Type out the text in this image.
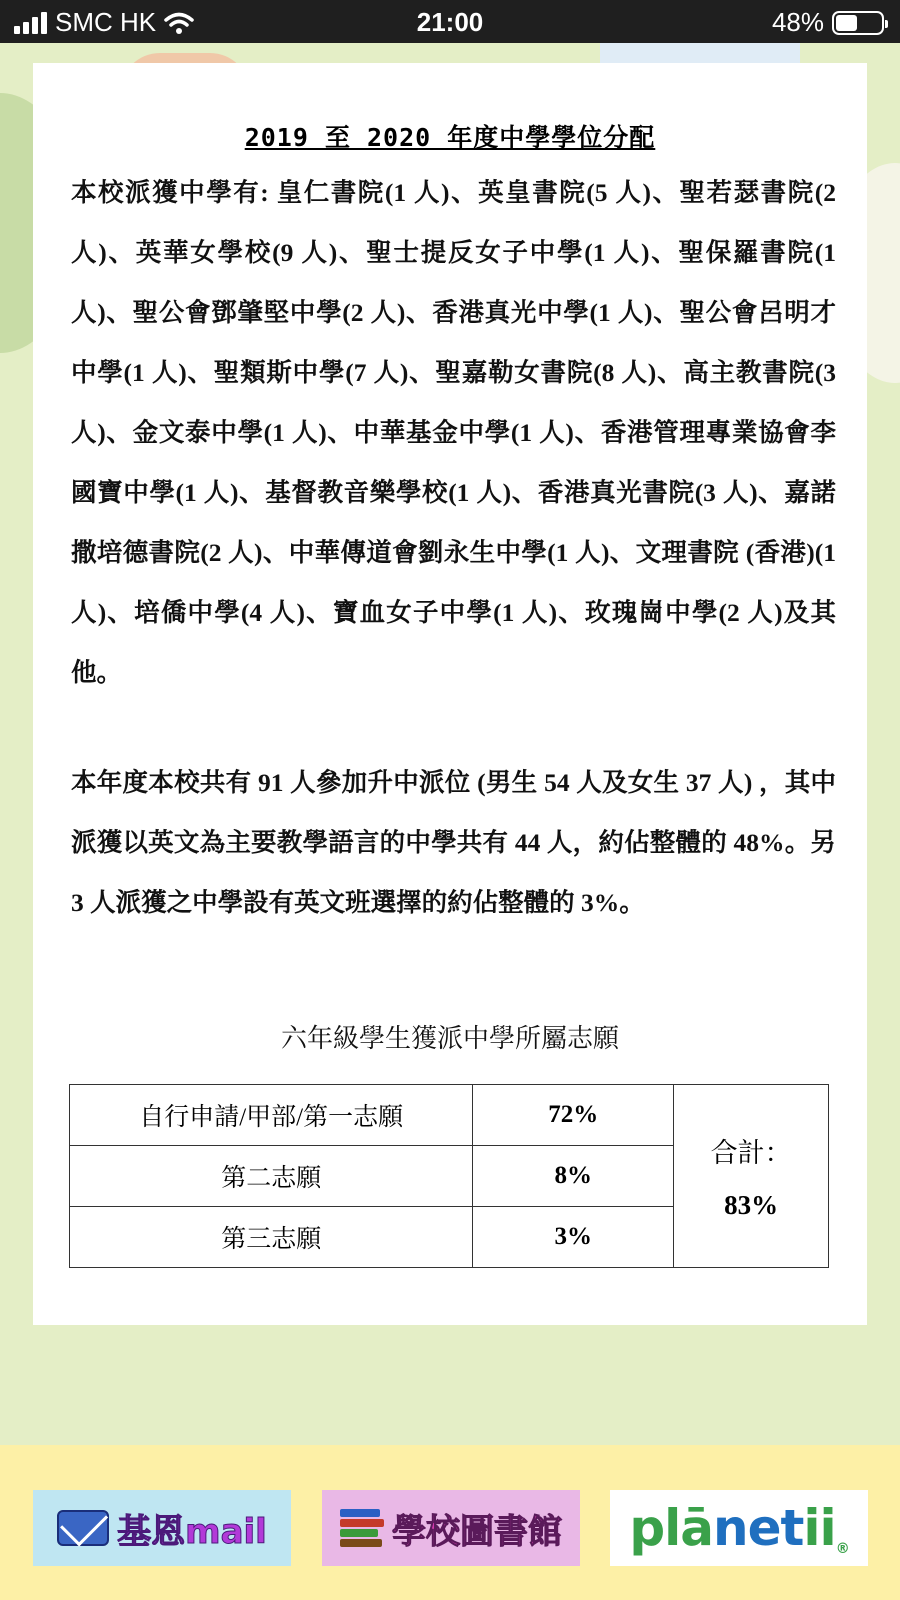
SMC HK	21:00	48%
2019 至 2020 年度中學學位分配

本校派獲中學有: 皇仁書院(1 人)、英皇書院(5 人)、聖若瑟書院(2 人)、英華女學校(9 人)、聖士提反女子中學(1 人)、聖保羅書院(1 人)、聖公會鄧肇堅中學(2 人)、香港真光中學(1 人)、聖公會呂明才中學(1 人)、聖類斯中學(7 人)、聖嘉勒女書院(8 人)、高主教書院(3 人)、金文泰中學(1 人)、中華基金中學(1 人)、香港管理專業協會李國寶中學(1 人)、基督教音樂學校(1 人)、香港真光書院(3 人)、嘉諾撒培德書院(2 人)、中華傳道會劉永生中學(1 人)、文理書院 (香港)(1 人)、培僑中學(4 人)、寶血女子中學(1 人)、玫瑰崗中學(2 人)及其他。

本年度本校共有 91 人參加升中派位 (男生 54 人及女生 37 人) ，其中派獲以英文為主要教學語言的中學共有 44 人，約佔整體的 48%。另 3 人派獲之中學設有英文班選擇的約佔整體的 3%。

六年級學生獲派中學所屬志願
自行申請/甲部/第一志願	72%	合計：
83%

第二志願	8%	
第三志願	3%	
基恩mail	學校圖書館 plānetii®
